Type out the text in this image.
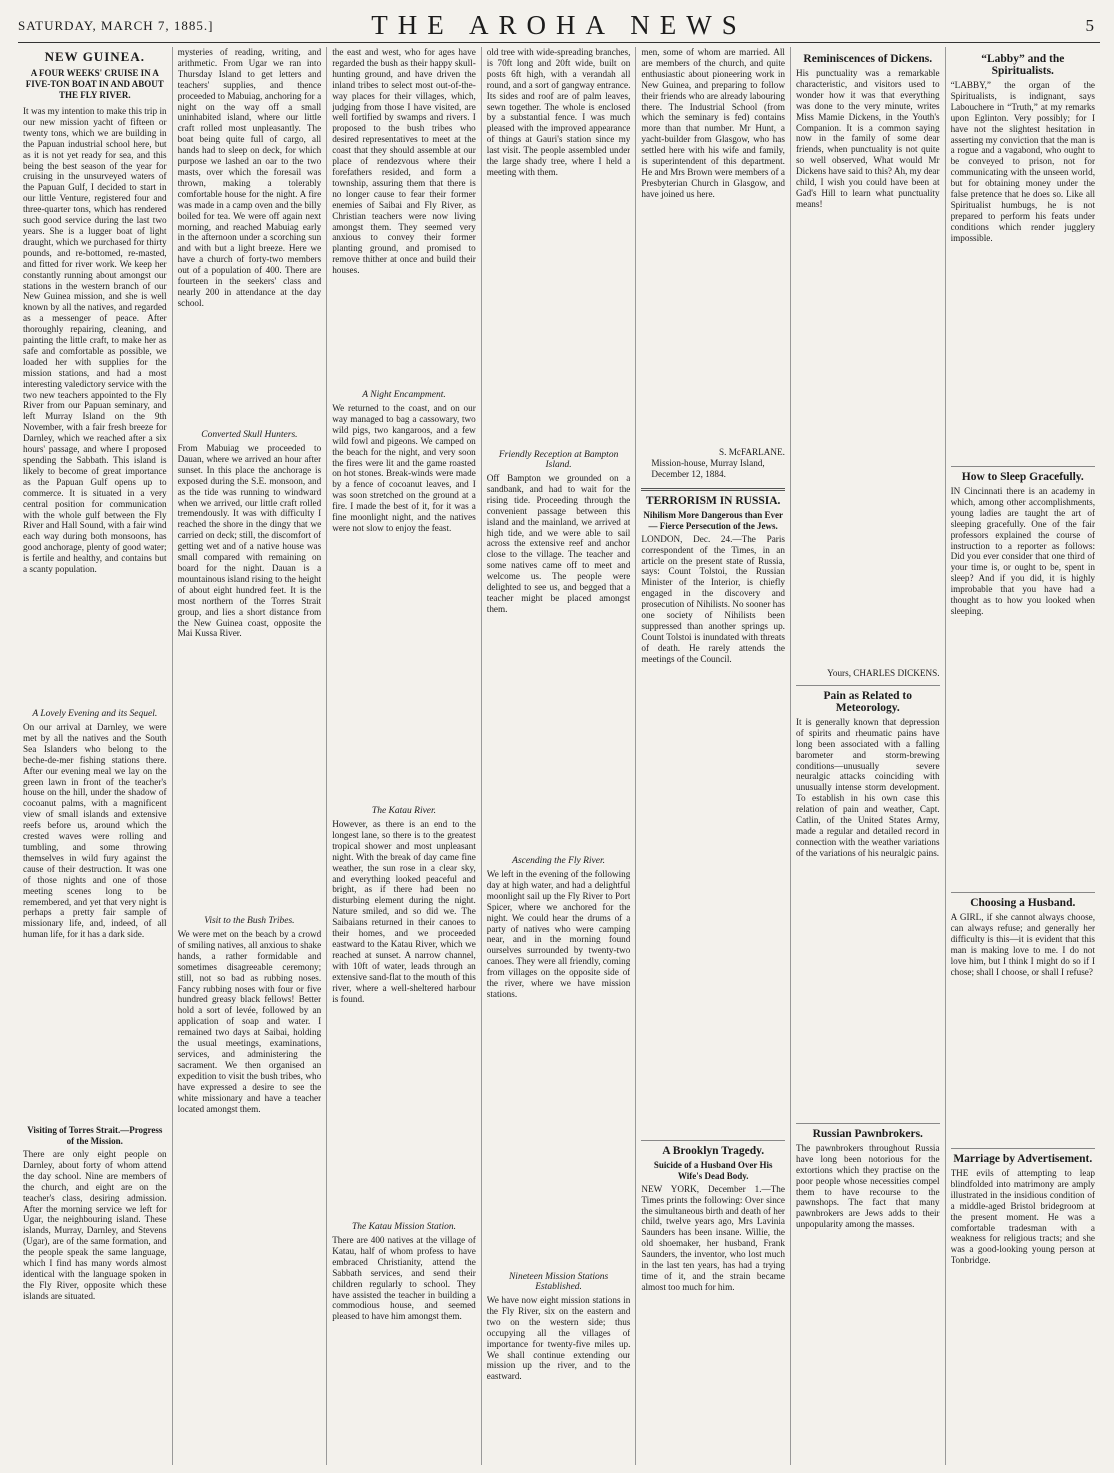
SATURDAY, MARCH 7, 1885.]	THE AROHA NEWS	5
NEW GUINEA.
A FOUR WEEKS' CRUISE IN A FIVE-TON BOAT IN AND ABOUT THE FLY RIVER.
It was my intention to make this trip in our new mission yacht of fifteen or twenty tons, which we are building in the Papuan industrial school here, but as it is not yet ready for sea, and this being the best season of the year for cruising in the unsurveyed waters of the Papuan Gulf, I decided to start in our little Venture, registered four and three-quarter tons, which has rendered such good service during the last two years. She is a lugger boat of light draught, which we purchased for thirty pounds, and re-bottomed, re-masted, and fitted for river work. We keep her constantly running about amongst our stations in the western branch of our New Guinea mission, and she is well known by all the natives, and regarded as a messenger of peace. After thoroughly repairing, cleaning, and painting the little craft, to make her as safe and comfortable as possible, we loaded her with supplies for the mission stations, and had a most interesting valedictory service with the two new teachers appointed to the Fly River from our Papuan seminary, and left Murray Island on the 9th November, with a fair fresh breeze for Darnley, which we reached after a six hours' passage, and where I proposed spending the Sabbath. This island is likely to become of great importance as the Papuan Gulf opens up to commerce. It is situated in a very central position for communication with the whole gulf between the Fly River and Hall Sound, with a fair wind each way during both monsoons, has good anchorage, plenty of good water; is fertile and healthy, and contains but a scanty population.
A Lovely Evening and its Sequel.
On our arrival at Darnley, we were met by all the natives and the South Sea Islanders who belong to the beche-de-mer fishing stations there. After our evening meal we lay on the green lawn in front of the teacher's house on the hill, under the shadow of cocoanut palms, with a magnificent view of small islands and extensive reefs before us, around which the crested waves were rolling and tumbling, and some throwing themselves in wild fury against the cause of their destruction. It was one of those nights and one of those meeting scenes long to be remembered, and yet that very night is perhaps a pretty fair sample of missionary life, and, indeed, of all human life, for it has a dark side.
Visiting of Torres Strait.—Progress of the Mission.
There are only eight people on Darnley, about forty of whom attend the day school. Nine are members of the church, and eight are on the teacher's class, desiring admission. After the morning service we left for Ugar, the neighbouring island. These islands, Murray, Darnley, and Stevens (Ugar), are of the same formation, and the people speak the same language, which I find has many words almost identical with the language spoken in the Fly River, opposite which these islands are situated.
mysteries of reading, writing, and arithmetic. From Ugar we ran into Thursday Island to get letters and teachers' supplies, and thence proceeded to Mabuiag, anchoring for a night on the way off a small uninhabited island, where our little craft rolled most unpleasantly. The boat being quite full of cargo, all hands had to sleep on deck, for which purpose we lashed an oar to the two masts, over which the foresail was thrown, making a tolerably comfortable house for the night. A fire was made in a camp oven and the billy boiled for tea. We were off again next morning, and reached Mabuiag early in the afternoon under a scorching sun and with but a light breeze. Here we have a church of forty-two members out of a population of 400. There are fourteen in the seekers' class and nearly 200 in attendance at the day school.
Converted Skull Hunters.
From Mabuiag we proceeded to Dauan, where we arrived an hour after sunset. In this place the anchorage is exposed during the S.E. monsoon, and as the tide was running to windward when we arrived, our little craft rolled tremendously. It was with difficulty I reached the shore in the dingy that we carried on deck; still, the discomfort of getting wet and of a native house was small compared with remaining on board for the night. Dauan is a mountainous island rising to the height of about eight hundred feet. It is the most northern of the Torres Strait group, and lies a short distance from the New Guinea coast, opposite the Mai Kussa River.
Visit to the Bush Tribes.
We were met on the beach by a crowd of smiling natives, all anxious to shake hands, a rather formidable and sometimes disagreeable ceremony; still, not so bad as rubbing noses. Fancy rubbing noses with four or five hundred greasy black fellows! Better hold a sort of levée, followed by an application of soap and water. I remained two days at Saibai, holding the usual meetings, examinations, services, and administering the sacrament. We then organised an expedition to visit the bush tribes, who have expressed a desire to see the white missionary and have a teacher located amongst them.
the east and west, who for ages have regarded the bush as their happy skull-hunting ground, and have driven the inland tribes to select most out-of-the-way places for their villages, which, judging from those I have visited, are well fortified by swamps and rivers. I proposed to the bush tribes who desired representatives to meet at the coast that they should assemble at our place of rendezvous where their forefathers resided, and form a township, assuring them that there is no longer cause to fear their former enemies of Saibai and Fly River, as Christian teachers were now living amongst them. They seemed very anxious to convey their former planting ground, and promised to remove thither at once and build their houses.
A Night Encampment.
We returned to the coast, and on our way managed to bag a cassowary, two wild pigs, two kangaroos, and a few wild fowl and pigeons. We camped on the beach for the night, and very soon the fires were lit and the game roasted on hot stones. Break-winds were made by a fence of cocoanut leaves, and I was soon stretched on the ground at a fire. I made the best of it, for it was a fine moonlight night, and the natives were not slow to enjoy the feast.
The Katau River.
However, as there is an end to the longest lane, so there is to the greatest tropical shower and most unpleasant night. With the break of day came fine weather, the sun rose in a clear sky, and everything looked peaceful and bright, as if there had been no disturbing element during the night. Nature smiled, and so did we. The Saibaians returned in their canoes to their homes, and we proceeded eastward to the Katau River, which we reached at sunset. A narrow channel, with 10ft of water, leads through an extensive sand-flat to the mouth of this river, where a well-sheltered harbour is found.
The Katau Mission Station.
There are 400 natives at the village of Katau, half of whom profess to have embraced Christianity, attend the Sabbath services, and send their children regularly to school. They have assisted the teacher in building a commodious house, and seemed pleased to have him amongst them.
old tree with wide-spreading branches, is 70ft long and 20ft wide, built on posts 6ft high, with a verandah all round, and a sort of gangway entrance. Its sides and roof are of palm leaves, sewn together. The whole is enclosed by a substantial fence. I was much pleased with the improved appearance of things at Gauri's station since my last visit. The people assembled under the large shady tree, where I held a meeting with them.
Friendly Reception at Bampton Island.
Off Bampton we grounded on a sandbank, and had to wait for the rising tide. Proceeding through the convenient passage between this island and the mainland, we arrived at high tide, and we were able to sail across the extensive reef and anchor close to the village. The teacher and some natives came off to meet and welcome us. The people were delighted to see us, and begged that a teacher might be placed amongst them.
Ascending the Fly River.
We left in the evening of the following day at high water, and had a delightful moonlight sail up the Fly River to Port Spicer, where we anchored for the night. We could hear the drums of a party of natives who were camping near, and in the morning found ourselves surrounded by twenty-two canoes. They were all friendly, coming from villages on the opposite side of the river, where we have mission stations.
Nineteen Mission Stations Established.
We have now eight mission stations in the Fly River, six on the eastern and two on the western side; thus occupying all the villages of importance for twenty-five miles up. We shall continue extending our mission up the river, and to the eastward.
men, some of whom are married. All are members of the church, and quite enthusiastic about pioneering work in New Guinea, and preparing to follow their friends who are already labouring there. The Industrial School (from which the seminary is fed) contains more than that number. Mr Hunt, a yacht-builder from Glasgow, who has settled here with his wife and family, is superintendent of this department. He and Mrs Brown were members of a Presbyterian Church in Glasgow, and have joined us here.
S. McFARLANE.
Mission-house, Murray Island, December 12, 1884.
TERRORISM IN RUSSIA.
Nihilism More Dangerous than Ever— Fierce Persecution of the Jews.
LONDON, Dec. 24.—The Paris correspondent of the Times, in an article on the present state of Russia, says: Count Tolstoi, the Russian Minister of the Interior, is chiefly engaged in the discovery and prosecution of Nihilists. No sooner has one society of Nihilists been suppressed than another springs up. Count Tolstoi is inundated with threats of death. He rarely attends the meetings of the Council.
A Brooklyn Tragedy.
Suicide of a Husband Over His Wife's Dead Body.
NEW YORK, December 1.—The Times prints the following: Over since the simultaneous birth and death of her child, twelve years ago, Mrs Lavinia Saunders has been insane. Willie, the old shoemaker, her husband, Frank Saunders, the inventor, who lost much in the last ten years, has had a trying time of it, and the strain became almost too much for him.
Reminiscences of Dickens.
His punctuality was a remarkable characteristic, and visitors used to wonder how it was that everything was done to the very minute, writes Miss Mamie Dickens, in the Youth's Companion. It is a common saying now in the family of some dear friends, when punctuality is not quite so well observed, What would Mr Dickens have said to this? Ah, my dear child, I wish you could have been at Gad's Hill to learn what punctuality means!
Yours, CHARLES DICKENS.
Pain as Related to Meteorology.
It is generally known that depression of spirits and rheumatic pains have long been associated with a falling barometer and storm-brewing conditions—unusually severe neuralgic attacks coinciding with unusually intense storm development. To establish in his own case this relation of pain and weather, Capt. Catlin, of the United States Army, made a regular and detailed record in connection with the weather variations of the variations of his neuralgic pains.
Russian Pawnbrokers.
The pawnbrokers throughout Russia have long been notorious for the extortions which they practise on the poor people whose necessities compel them to have recourse to the pawnshops. The fact that many pawnbrokers are Jews adds to their unpopularity among the masses.
“Labby” and the Spiritualists.
“LABBY,” the organ of the Spiritualists, is indignant, says Labouchere in “Truth,” at my remarks upon Eglinton. Very possibly; for I have not the slightest hesitation in asserting my conviction that the man is a rogue and a vagabond, who ought to be conveyed to prison, not for communicating with the unseen world, but for obtaining money under the false pretence that he does so. Like all Spiritualist humbugs, he is not prepared to perform his feats under conditions which render jugglery impossible.
How to Sleep Gracefully.
IN Cincinnati there is an academy in which, among other accomplishments, young ladies are taught the art of sleeping gracefully. One of the fair professors explained the course of instruction to a reporter as follows: Did you ever consider that one third of your time is, or ought to be, spent in sleep? And if you did, it is highly improbable that you have had a thought as to how you looked when sleeping.
Choosing a Husband.
A GIRL, if she cannot always choose, can always refuse; and generally her difficulty is this—it is evident that this man is making love to me. I do not love him, but I think I might do so if I chose; shall I choose, or shall I refuse?
Marriage by Advertisement.
THE evils of attempting to leap blindfolded into matrimony are amply illustrated in the insidious condition of a middle-aged Bristol bridegroom at the present moment. He was a comfortable tradesman with a weakness for religious tracts; and she was a good-looking young person at Tonbridge.
